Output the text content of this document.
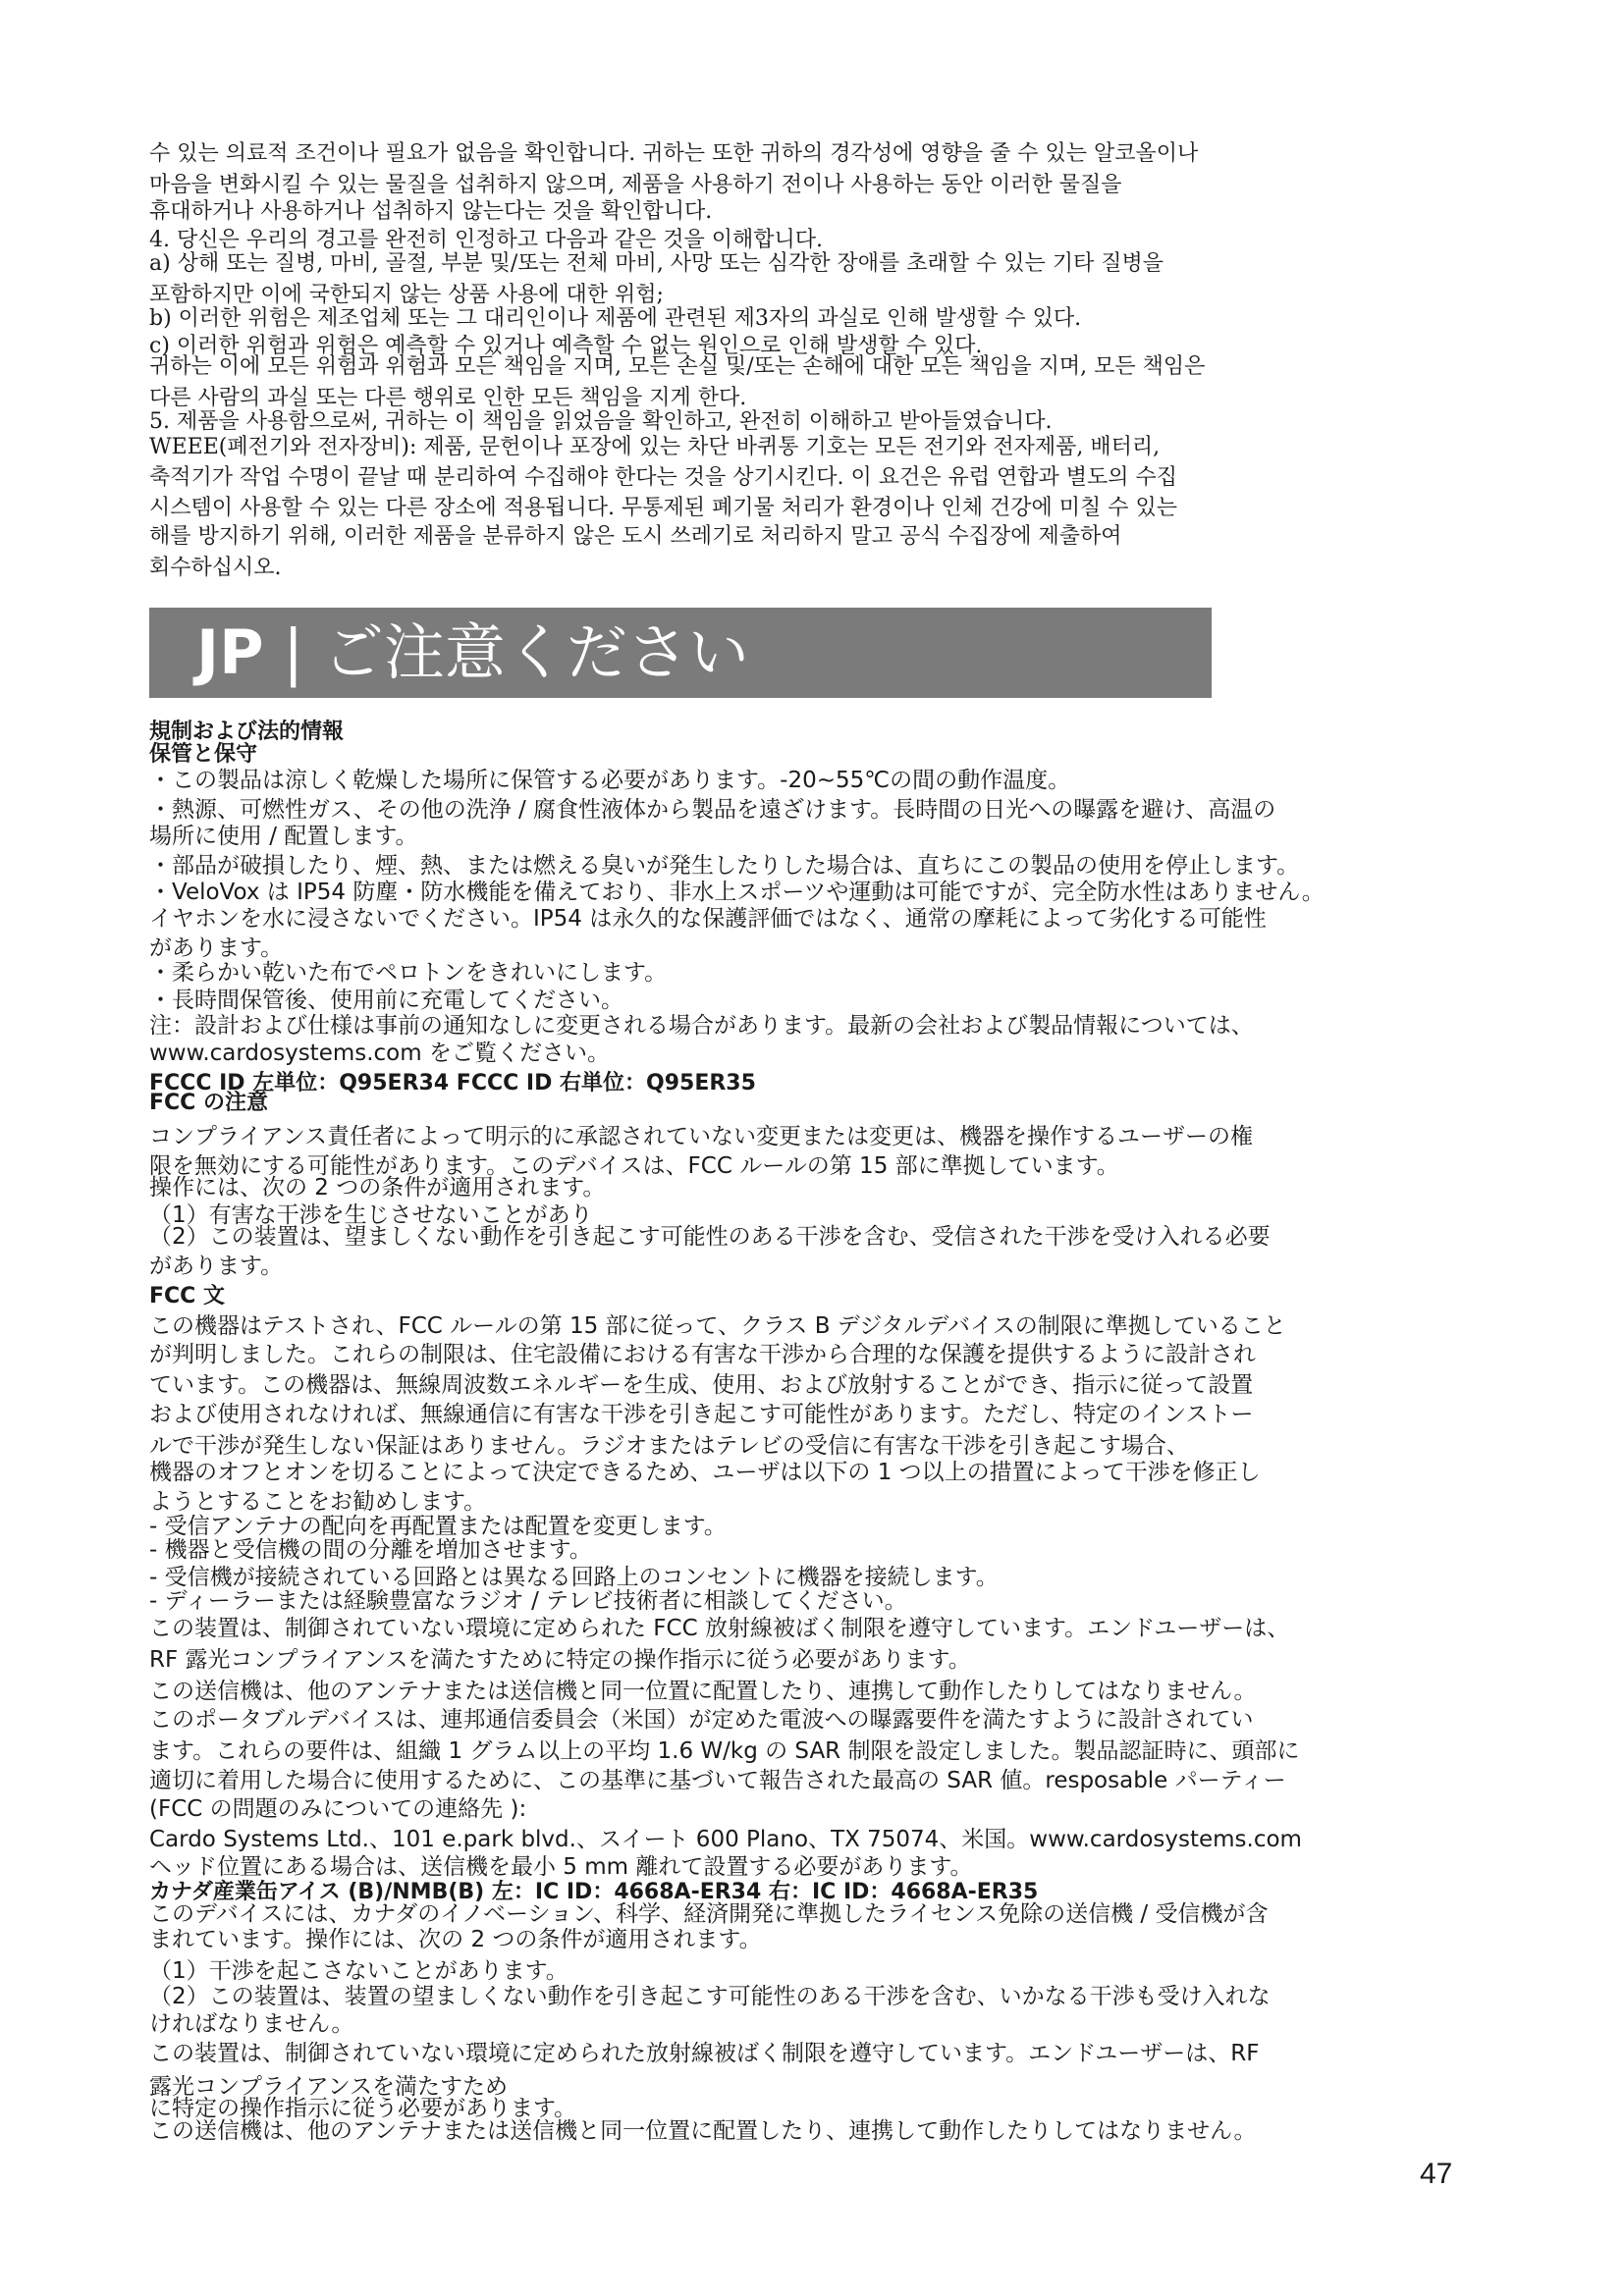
수 있는 의료적 조건이나 필요가 없음을 확인합니다. 귀하는 또한 귀하의 경각성에 영향을 줄 수 있는 알코올이나
마음을 변화시킬 수 있는 물질을 섭취하지 않으며, 제품을 사용하기 전이나 사용하는 동안 이러한 물질을
휴대하거나 사용하거나 섭취하지 않는다는 것을 확인합니다.
4. 당신은 우리의 경고를 완전히 인정하고 다음과 같은 것을 이해합니다.
a) 상해 또는 질병, 마비, 골절, 부분 및/또는 전체 마비, 사망 또는 심각한 장애를 초래할 수 있는 기타 질병을
포함하지만 이에 국한되지 않는 상품 사용에 대한 위험;
b) 이러한 위험은 제조업체 또는 그 대리인이나 제품에 관련된 제3자의 과실로 인해 발생할 수 있다.
c) 이러한 위험과 위험은 예측할 수 있거나 예측할 수 없는 원인으로 인해 발생할 수 있다.
귀하는 이에 모든 위험과 위험과 모든 책임을 지며, 모든 손실 및/또는 손해에 대한 모든 책임을 지며, 모든 책임은
다른 사람의 과실 또는 다른 행위로 인한 모든 책임을 지게 한다.
5. 제품을 사용함으로써, 귀하는 이 책임을 읽었음을 확인하고, 완전히 이해하고 받아들였습니다.
WEEE(폐전기와 전자장비): 제품, 문헌이나 포장에 있는 차단 바퀴통 기호는 모든 전기와 전자제품, 배터리,
축적기가 작업 수명이 끝날 때 분리하여 수집해야 한다는 것을 상기시킨다. 이 요건은 유럽 연합과 별도의 수집
시스템이 사용할 수 있는 다른 장소에 적용됩니다. 무통제된 폐기물 처리가 환경이나 인체 건강에 미칠 수 있는
해를 방지하기 위해, 이러한 제품을 분류하지 않은 도시 쓰레기로 처리하지 말고 공식 수집장에 제출하여
회수하십시오.
JP | ご注意ください
規制および法的情報
保管と保守
・この製品は涼しく乾燥した場所に保管する必要があります。-20~55℃の間の動作温度。
・熱源、可燃性ガス、その他の洗浄 / 腐食性液体から製品を遠ざけます。長時間の日光への曝露を避け、高温の
場所に使用 / 配置します。
・部品が破損したり、煙、熱、または燃える臭いが発生したりした場合は、直ちにこの製品の使用を停止します。
・VeloVox は IP54 防塵・防水機能を備えており、非水上スポーツや運動は可能ですが、完全防水性はありません。
イヤホンを水に浸さないでください。IP54 は永久的な保護評価ではなく、通常の摩耗によって劣化する可能性
があります。
・柔らかい乾いた布でペロトンをきれいにします。
・長時間保管後、使用前に充電してください。
注：設計および仕様は事前の通知なしに変更される場合があります。最新の会社および製品情報については、
www.cardosystems.com をご覧ください。
FCCC ID 左単位：Q95ER34 FCCC ID 右単位：Q95ER35
FCC の注意
コンプライアンス責任者によって明示的に承認されていない変更または変更は、機器を操作するユーザーの権
限を無効にする可能性があります。このデバイスは、FCC ルールの第 15 部に準拠しています。
操作には、次の 2 つの条件が適用されます。
（1）有害な干渉を生じさせないことがあり
（2）この装置は、望ましくない動作を引き起こす可能性のある干渉を含む、受信された干渉を受け入れる必要
があります。
FCC 文
この機器はテストされ、FCC ルールの第 15 部に従って、クラス B デジタルデバイスの制限に準拠していること
が判明しました。これらの制限は、住宅設備における有害な干渉から合理的な保護を提供するように設計され
ています。この機器は、無線周波数エネルギーを生成、使用、および放射することができ、指示に従って設置
および使用されなければ、無線通信に有害な干渉を引き起こす可能性があります。ただし、特定のインストー
ルで干渉が発生しない保証はありません。ラジオまたはテレビの受信に有害な干渉を引き起こす場合、
機器のオフとオンを切ることによって決定できるため、ユーザは以下の 1 つ以上の措置によって干渉を修正し
ようとすることをお勧めします。
- 受信アンテナの配向を再配置または配置を変更します。
- 機器と受信機の間の分離を増加させます。
- 受信機が接続されている回路とは異なる回路上のコンセントに機器を接続します。
- ディーラーまたは経験豊富なラジオ / テレビ技術者に相談してください。
この装置は、制御されていない環境に定められた FCC 放射線被ばく制限を遵守しています。エンドユーザーは、
RF 露光コンプライアンスを満たすために特定の操作指示に従う必要があります。
この送信機は、他のアンテナまたは送信機と同一位置に配置したり、連携して動作したりしてはなりません。
このポータブルデバイスは、連邦通信委員会（米国）が定めた電波への曝露要件を満たすように設計されてい
ます。これらの要件は、組織 1 グラム以上の平均 1.6 W/kg の SAR 制限を設定しました。製品認証時に、頭部に
適切に着用した場合に使用するために、この基準に基づいて報告された最高の SAR 値。resposable パーティー
(FCC の問題のみについての連絡先 ):
Cardo Systems Ltd.、101 e.park blvd.、スイート 600 Plano、TX 75074、米国。www.cardosystems.com
ヘッド位置にある場合は、送信機を最小 5 mm 離れて設置する必要があります。
カナダ産業缶アイス (B)/NMB(B) 左：IC ID：4668A-ER34 右：IC ID：4668A-ER35
このデバイスには、カナダのイノベーション、科学、経済開発に準拠したライセンス免除の送信機 / 受信機が含
まれています。操作には、次の 2 つの条件が適用されます。
（1）干渉を起こさないことがあります。
（2）この装置は、装置の望ましくない動作を引き起こす可能性のある干渉を含む、いかなる干渉も受け入れな
ければなりません。
この装置は、制御されていない環境に定められた放射線被ばく制限を遵守しています。エンドユーザーは、RF
露光コンプライアンスを満たすため
に特定の操作指示に従う必要があります。
この送信機は、他のアンテナまたは送信機と同一位置に配置したり、連携して動作したりしてはなりません。
47
